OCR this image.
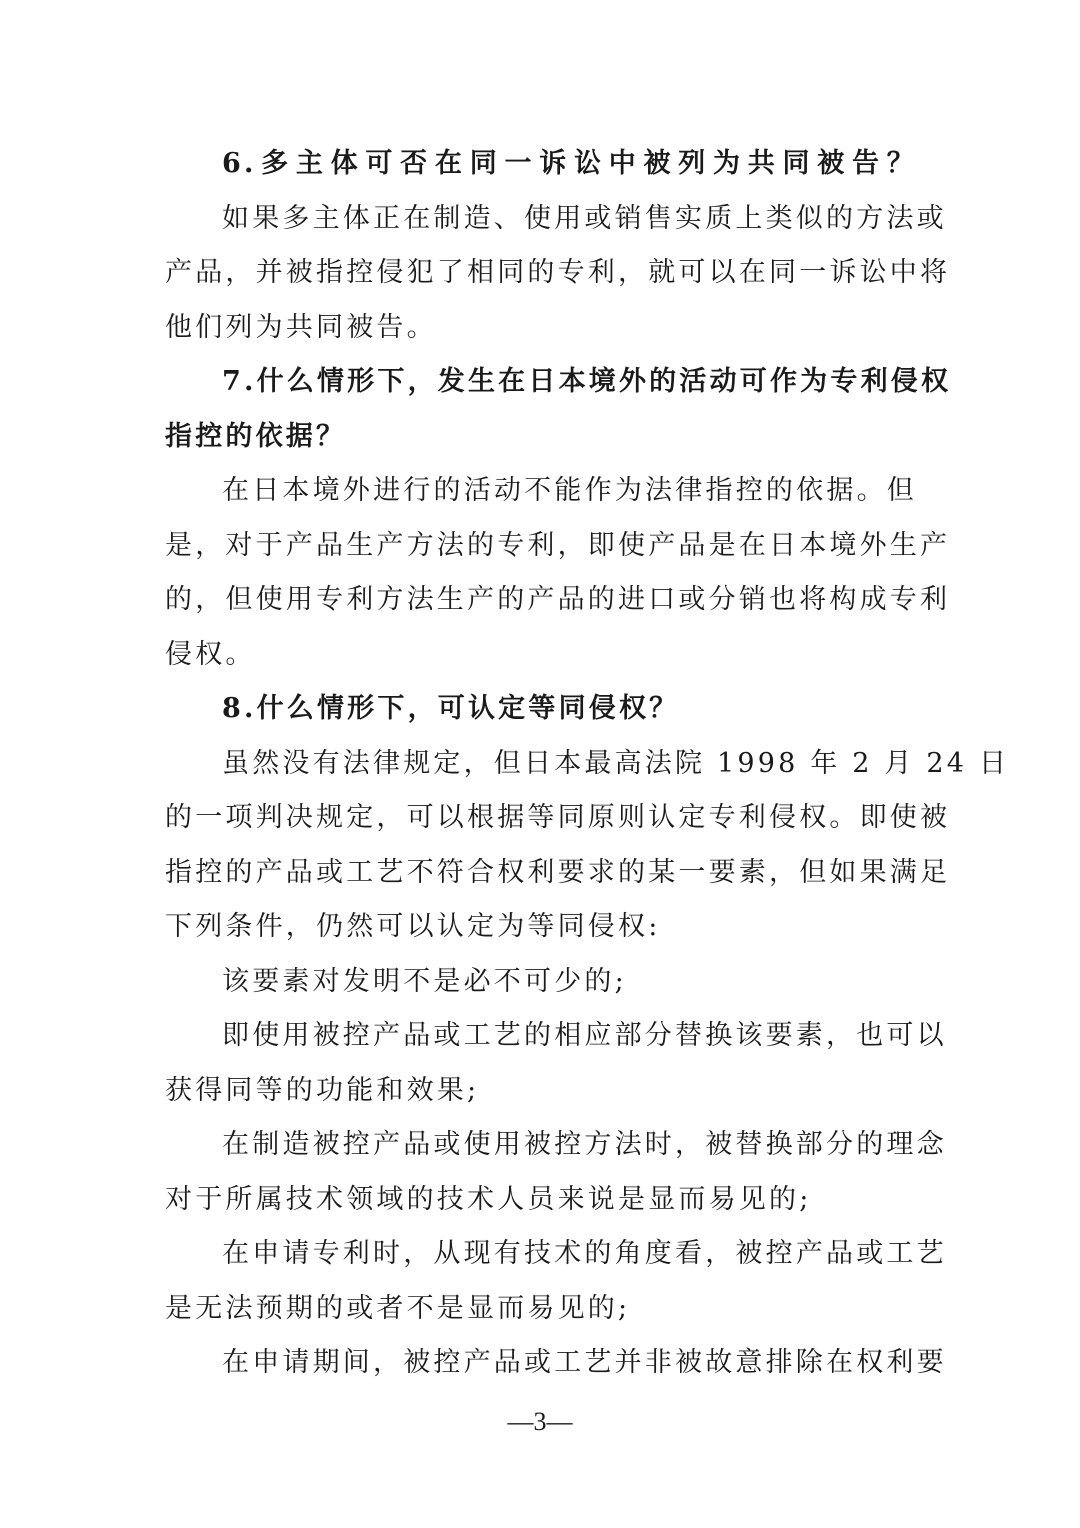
6.多主体可否在同一诉讼中被列为共同被告？
如果多主体正在制造、使用或销售实质上类似的方法或
产品，并被指控侵犯了相同的专利，就可以在同一诉讼中将
他们列为共同被告。
7.什么情形下，发生在日本境外的活动可作为专利侵权
指控的依据？
在日本境外进行的活动不能作为法律指控的依据。但
是，对于产品生产方法的专利，即使产品是在日本境外生产
的，但使用专利方法生产的产品的进口或分销也将构成专利
侵权。
8.什么情形下，可认定等同侵权？
虽然没有法律规定，但日本最高法院 1998 年 2 月 24 日
的一项判决规定，可以根据等同原则认定专利侵权。即使被
指控的产品或工艺不符合权利要求的某一要素，但如果满足
下列条件，仍然可以认定为等同侵权:
该要素对发明不是必不可少的;
即使用被控产品或工艺的相应部分替换该要素，也可以
获得同等的功能和效果;
在制造被控产品或使用被控方法时，被替换部分的理念
对于所属技术领域的技术人员来说是显而易见的;
在申请专利时，从现有技术的角度看，被控产品或工艺
是无法预期的或者不是显而易见的;
在申请期间，被控产品或工艺并非被故意排除在权利要
—3—
